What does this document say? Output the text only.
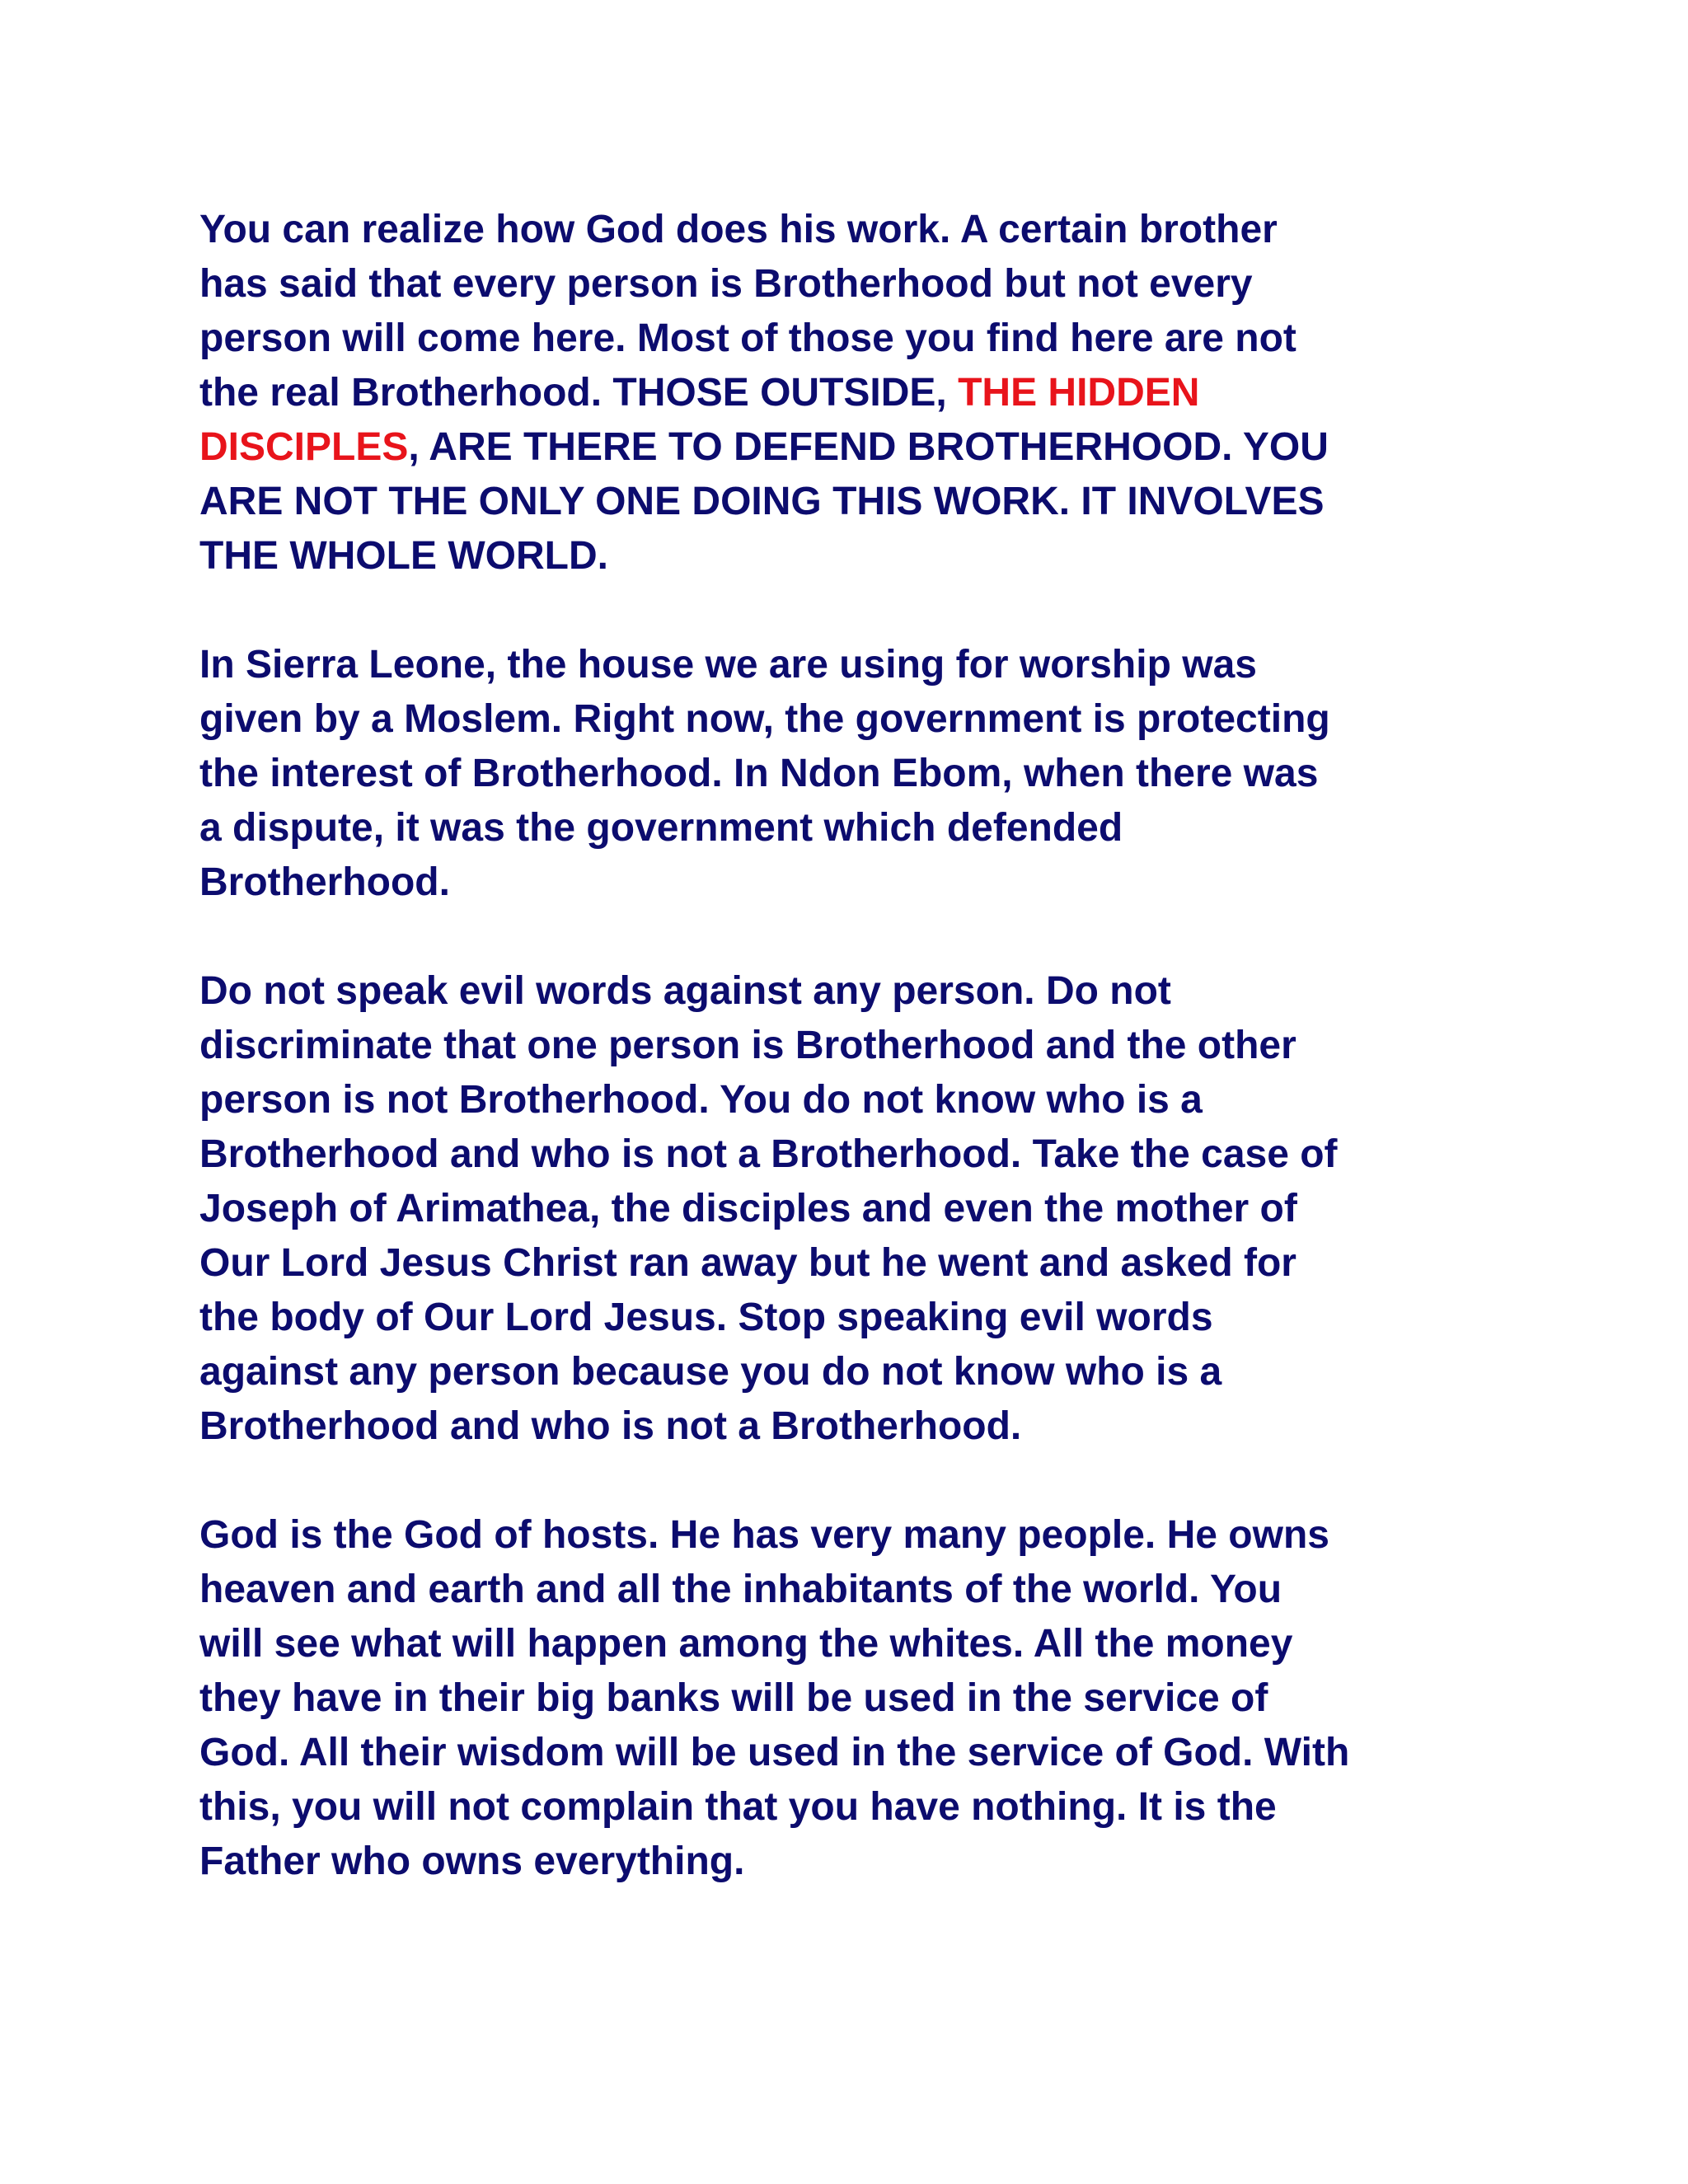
You can realize how God does his work. A certain brother
has said that every person is Brotherhood but not every
person will come here. Most of those you find here are not
the real Brotherhood. THOSE OUTSIDE, THE HIDDEN
DISCIPLES, ARE THERE TO DEFEND BROTHERHOOD. YOU
ARE NOT THE ONLY ONE DOING THIS WORK. IT INVOLVES
THE WHOLE WORLD.
In Sierra Leone, the house we are using for worship was
given by a Moslem. Right now, the government is protecting
the interest of Brotherhood. In Ndon Ebom, when there was
a dispute, it was the government which defended
Brotherhood.
Do not speak evil words against any person. Do not
discriminate that one person is Brotherhood and the other
person is not Brotherhood. You do not know who is a
Brotherhood and who is not a Brotherhood. Take the case of
Joseph of Arimathea, the disciples and even the mother of
Our Lord Jesus Christ ran away but he went and asked for
the body of Our Lord Jesus. Stop speaking evil words
against any person because you do not know who is a
Brotherhood and who is not a Brotherhood.
God is the God of hosts. He has very many people. He owns
heaven and earth and all the inhabitants of the world. You
will see what will happen among the whites. All the money
they have in their big banks will be used in the service of
God. All their wisdom will be used in the service of God. With
this, you will not complain that you have nothing. It is the
Father who owns everything.
